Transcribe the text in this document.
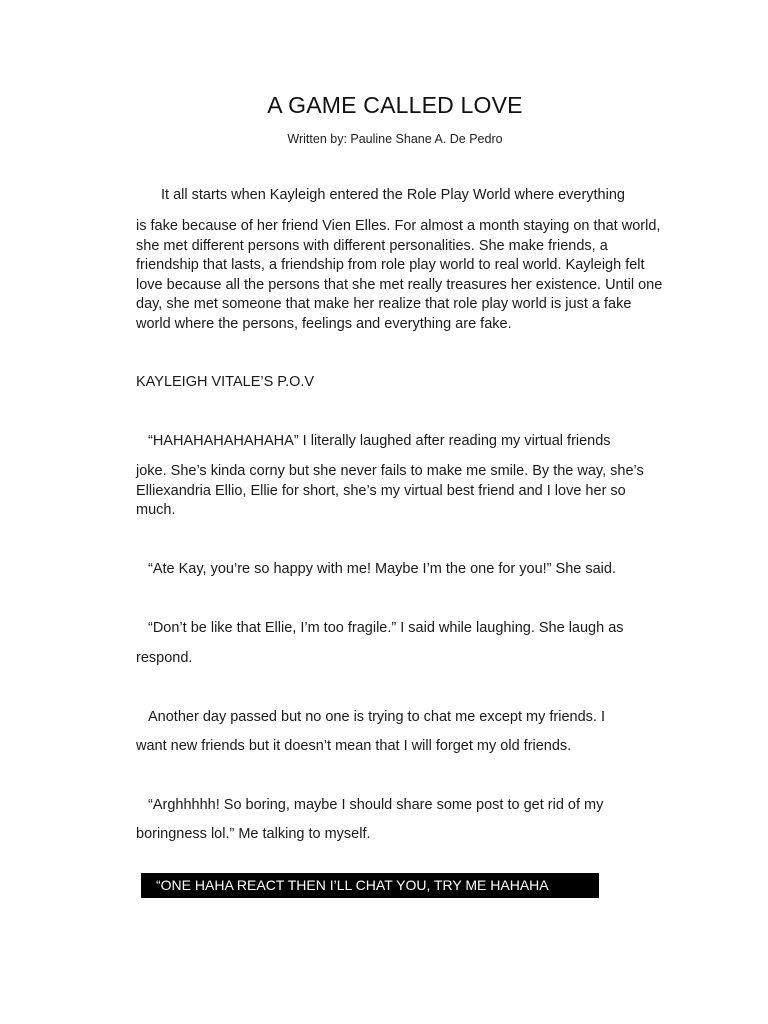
A GAME CALLED LOVE
Written by: Pauline Shane A. De Pedro
It all starts when Kayleigh entered the Role Play World where everything
is fake because of her friend Vien Elles. For almost a month staying on that world, she met different persons with different personalities. She make friends, a friendship that lasts, a friendship from role play world to real world. Kayleigh felt love because all the persons that she met really treasures her existence. Until one day, she met someone that make her realize that role play world is just a fake world where the persons, feelings and everything are fake.
KAYLEIGH VITALE’S P.O.V
“HAHAHAHAHAHAHA” I literally laughed after reading my virtual friends
joke. She’s kinda corny but she never fails to make me smile. By the way, she’s Elliexandria Ellio, Ellie for short, she’s my virtual best friend and I love her so much.
“Ate Kay, you’re so happy with me! Maybe I’m the one for you!” She said.
“Don’t be like that Ellie, I’m too fragile.” I said while laughing. She laugh as
respond.
Another day passed but no one is trying to chat me except my friends. I
want new friends but it doesn’t mean that I will forget my old friends.
“Arghhhhh! So boring, maybe I should share some post to get rid of my
boringness lol.” Me talking to myself.
“ONE HAHA REACT THEN I’LL CHAT YOU, TRY ME HAHAHA
